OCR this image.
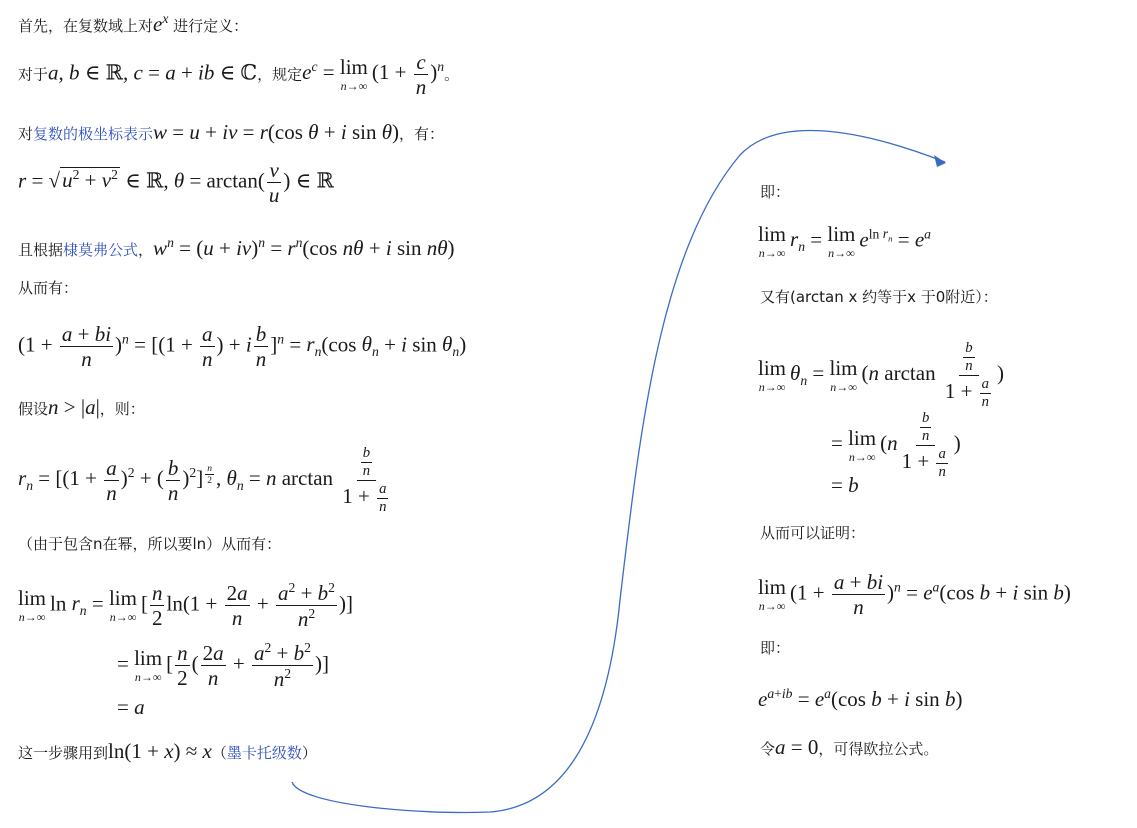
首先，在复数域上对$e^x$ 进行定义：
对于a, b ∈ ℝ, c = a + ib ∈ ℂ，规定$e^c = \lim$
n→∞
$(1 + \frac{c}{n} )^n$。
对复数的极坐标表示w = u + iv = r(cos θ + i sin θ)，有：
$r = √u^2 + v^2$ ∈ ℝ, $\theta = \arctan( \frac{v}{u}$ ) ∈ ℝ
且根据棣莫弗公式，$w^n = (u + iv)^n = r^n(\cos$ nθ + i sin nθ)
从而有：
$(1 + \frac{a + bi}{n} )^n = [(1 + \frac{a}{n}$ ) + i $\frac{b}{n} ]^n = r_n(\cos$ $\theta_n + i$ $\sin \theta_n$)
假设n > |a|，则：
$r_n = [(1 + \frac{a}{n} )^2$ + ( $\frac{b}{n} )^2$] $^{\frac{n}{2}}$ , $\theta_n = n$ $\arctan \frac{\frac{b}{n}}{1 + \frac{a}{n}}$
（由于包含n在幂，所以要ln）从而有：
lim
n→∞
$\ln r_n = \lim$
n→∞
[ $\frac{n}{2} \ln(1 + \frac{2a}{n} + \frac{a^2 + b^2}{n^2}$ )]
= lim
n→∞
[ $\frac{n}{2}$ ( $\frac{2a}{n} + \frac{a^2 + b^2}{n^2}$ )]
= a
这一步骤用到ln(1 + x) ≈ x（墨卡托级数）
即：
lim
n→∞
$r_n = \lim$
n→∞
$e^{ln r_n} = e^a$
又有(arctan x 约等于x 于0附近）：
lim
n→∞
$\theta_n = \lim$
n→∞
(n $\arctan \frac{\frac{b}{n}}{1 + \frac{a}{n}}$ )
= lim
n→∞
($n \frac{\frac{b}{n}}{1 + \frac{a}{n}}$ )
= b
从而可以证明：
lim
n→∞
$(1 + \frac{a + bi}{n} )^n = e^a(\cos$ b + i sin b)
即：
$e^{a+ib} = e^a(\cos$ b + i sin b)
令a = 0，可得欧拉公式。
